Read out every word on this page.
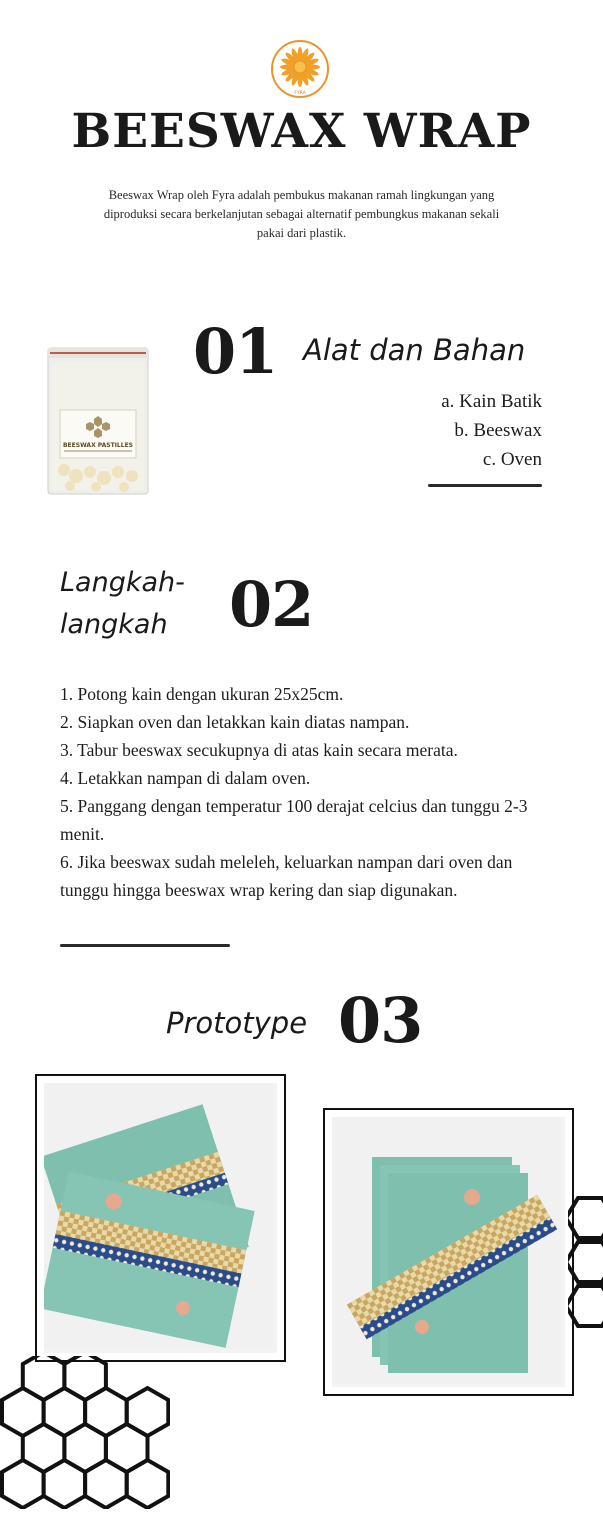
FYRA
BEESWAX WRAP
Beeswax Wrap oleh Fyra adalah pembukus makanan ramah lingkungan yang diproduksi secara berkelanjutan sebagai alternatif pembungkus makanan sekali pakai dari plastik.
BEESWAX PASTILLES
01 Alat dan Bahan
a. Kain Batik
b. Beeswax
c. Oven
Langkah-
langkah 02
1. Potong kain dengan ukuran 25x25cm.
2. Siapkan oven dan letakkan kain diatas nampan.
3. Tabur beeswax secukupnya di atas kain secara merata.
4. Letakkan nampan di dalam oven.
5. Panggang dengan temperatur 100 derajat celcius dan tunggu 2-3 menit.
6. Jika beeswax sudah meleleh, keluarkan nampan dari oven dan tunggu hingga beeswax wrap kering dan siap digunakan.
Prototype 03
